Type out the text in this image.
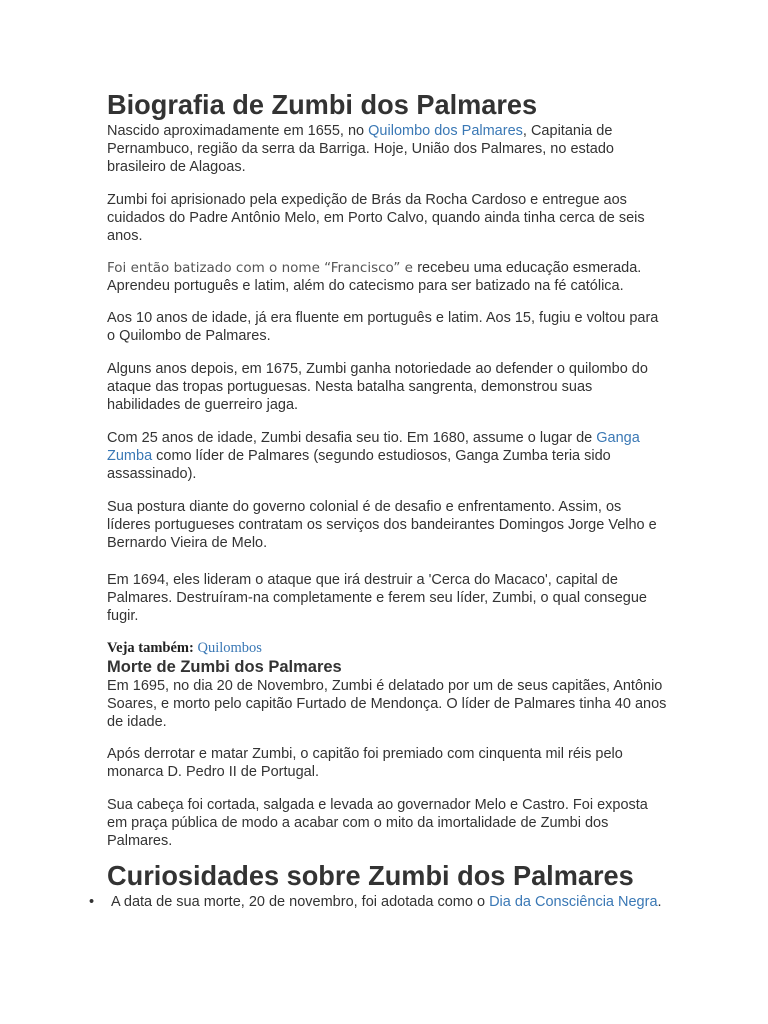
Biografia de Zumbi dos Palmares

Nascido aproximadamente em 1655, no Quilombo dos Palmares, Capitania de Pernambuco, região da serra da Barriga. Hoje, União dos Palmares, no estado brasileiro de Alagoas.

Zumbi foi aprisionado pela expedição de Brás da Rocha Cardoso e entregue aos cuidados do Padre Antônio Melo, em Porto Calvo, quando ainda tinha cerca de seis anos.

Foi então batizado com o nome “Francisco” e recebeu uma educação esmerada. Aprendeu português e latim, além do catecismo para ser batizado na fé católica.

Aos 10 anos de idade, já era fluente em português e latim. Aos 15, fugiu e voltou para o Quilombo de Palmares.

Alguns anos depois, em 1675, Zumbi ganha notoriedade ao defender o quilombo do ataque das tropas portuguesas. Nesta batalha sangrenta, demonstrou suas habilidades de guerreiro jaga.

Com 25 anos de idade, Zumbi desafia seu tio. Em 1680, assume o lugar de Ganga Zumba como líder de Palmares (segundo estudiosos, Ganga Zumba teria sido assassinado).

Sua postura diante do governo colonial é de desafio e enfrentamento. Assim, os líderes portugueses contratam os serviços dos bandeirantes Domingos Jorge Velho e Bernardo Vieira de Melo.

Em 1694, eles lideram o ataque que irá destruir a 'Cerca do Macaco', capital de Palmares. Destruíram-na completamente e ferem seu líder, Zumbi, o qual consegue fugir.

Veja também: Quilombos

Morte de Zumbi dos Palmares

Em 1695, no dia 20 de Novembro, Zumbi é delatado por um de seus capitães, Antônio Soares, e morto pelo capitão Furtado de Mendonça. O líder de Palmares tinha 40 anos de idade.

Após derrotar e matar Zumbi, o capitão foi premiado com cinquenta mil réis pelo monarca D. Pedro II de Portugal.

Sua cabeça foi cortada, salgada e levada ao governador Melo e Castro. Foi exposta em praça pública de modo a acabar com o mito da imortalidade de Zumbi dos Palmares.

Curiosidades sobre Zumbi dos Palmares
• A data de sua morte, 20 de novembro, foi adotada como o Dia da Consciência Negra.
